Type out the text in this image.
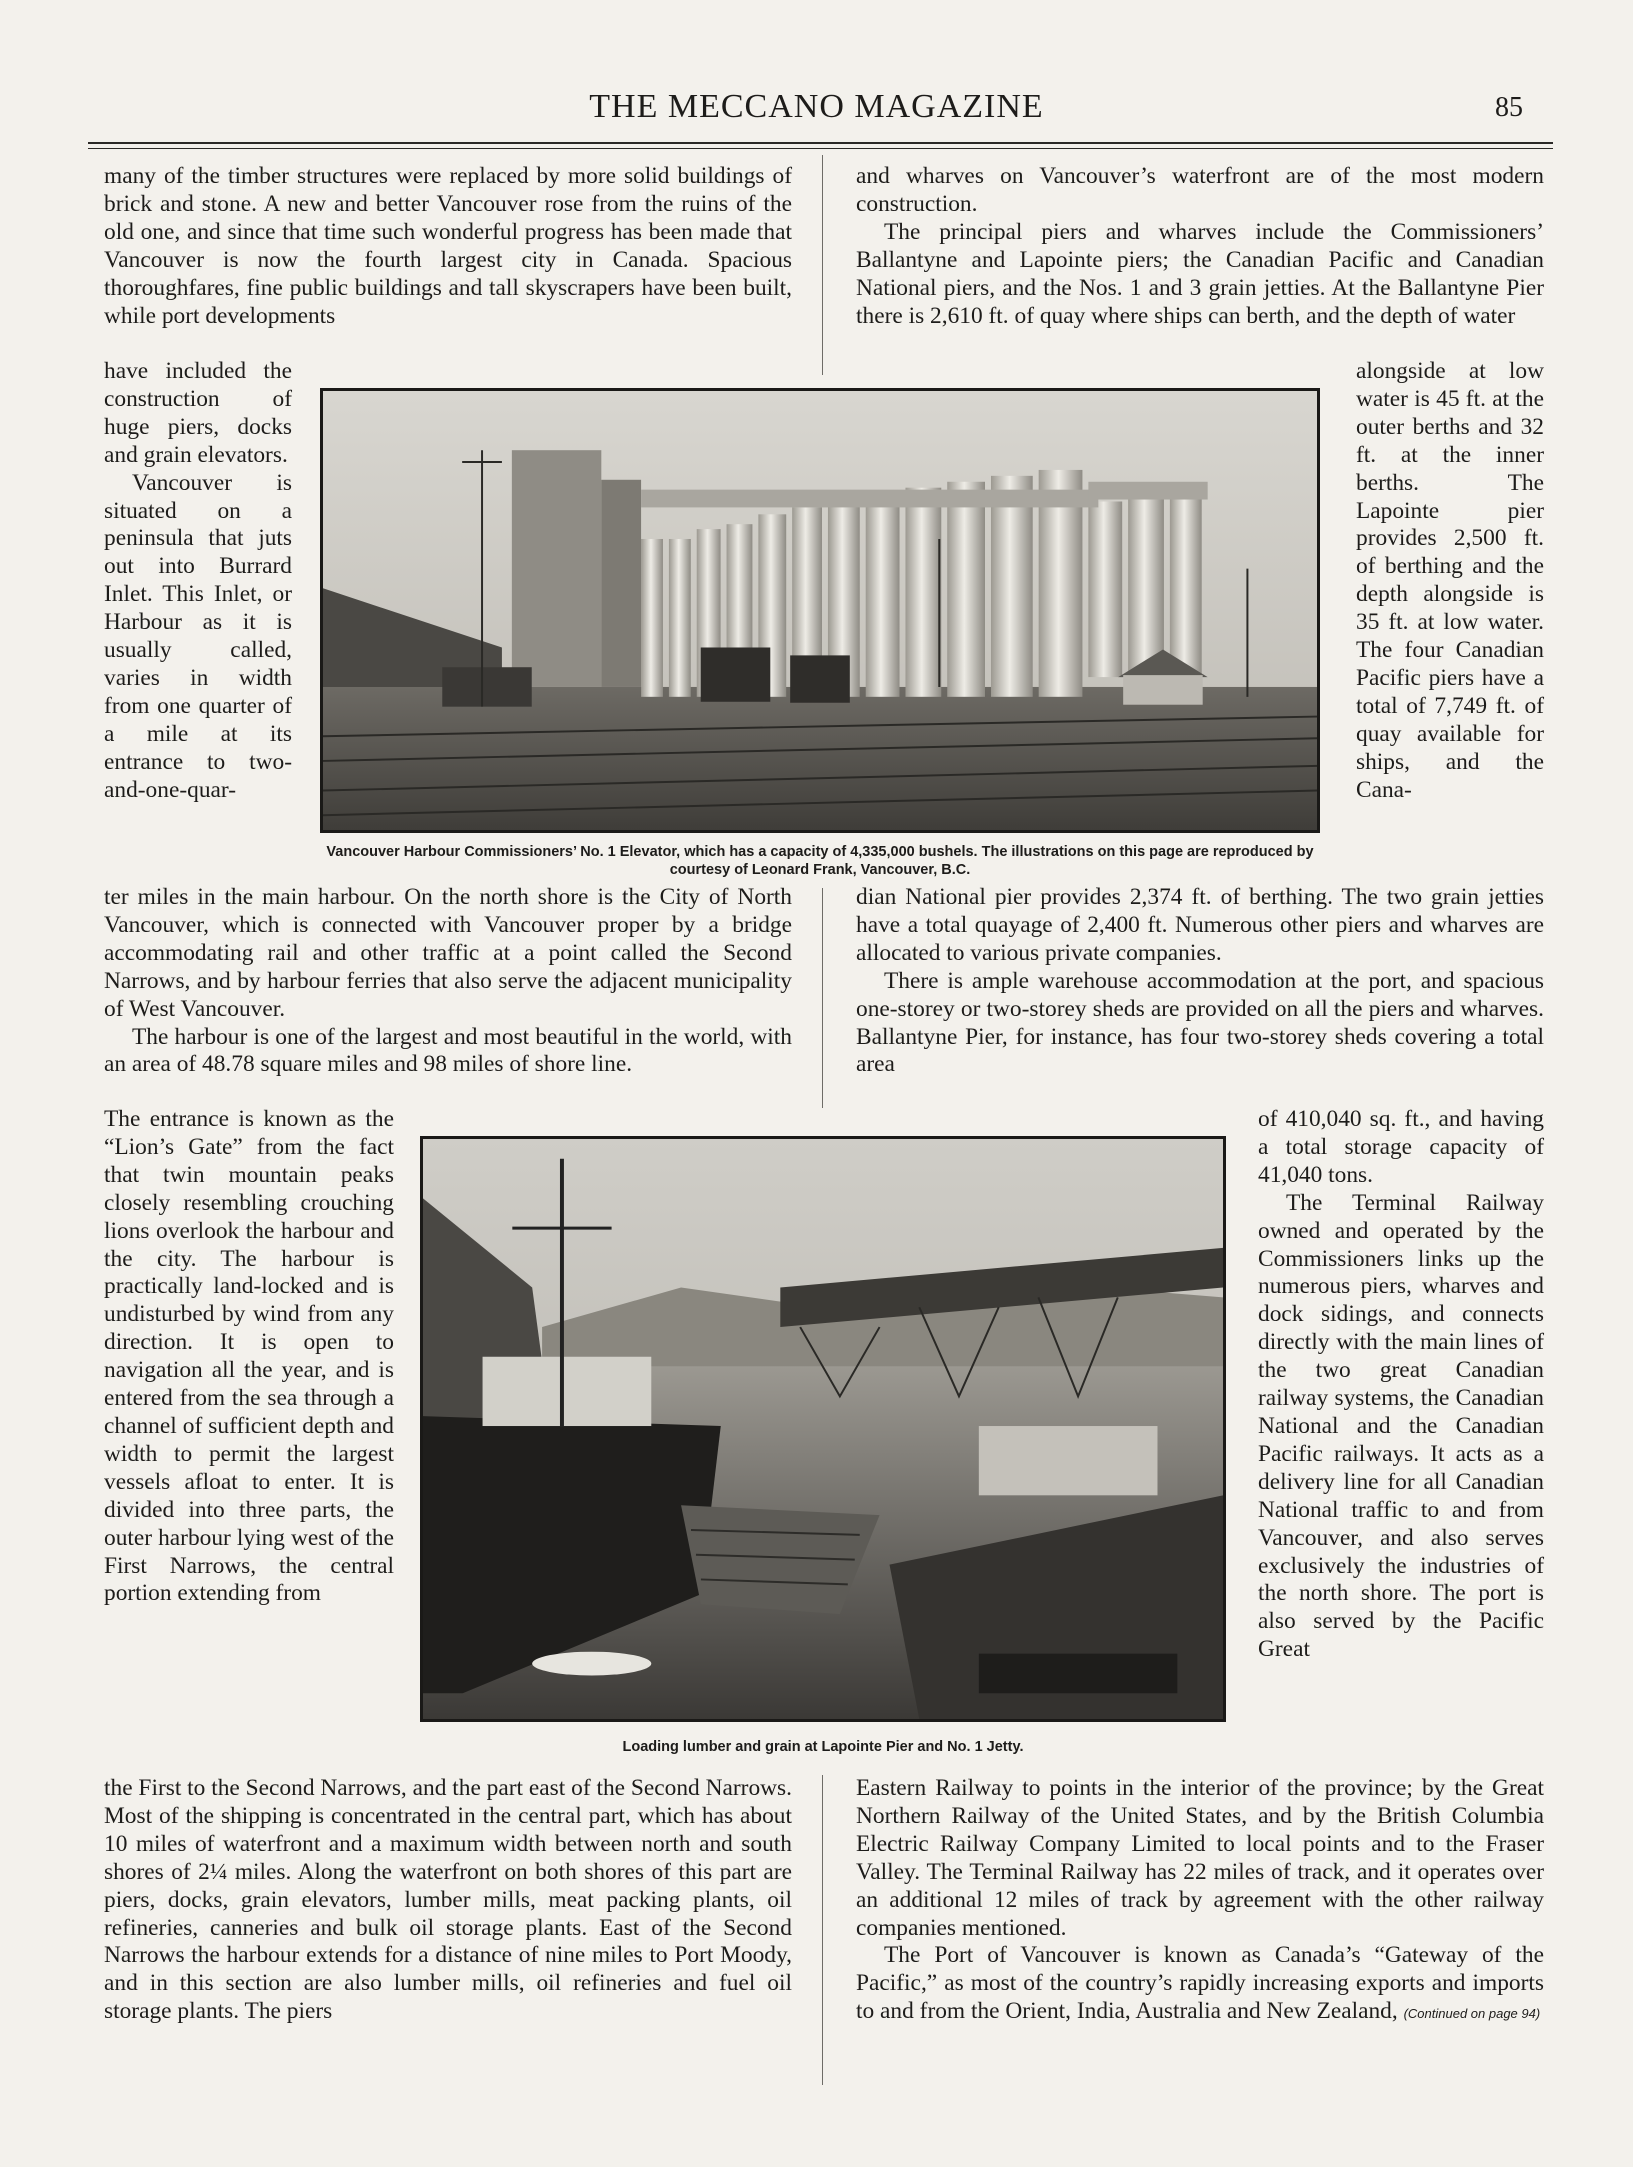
THE MECCANO MAGAZINE	85

many of the timber structures were replaced by more solid buildings of brick and stone. A new and better Vancouver rose from the ruins of the old one, and since that time such wonderful progress has been made that Vancouver is now the fourth largest city in Canada. Spacious thoroughfares, fine public buildings and tall skyscrapers have been built, while port developments

have included the construction of huge piers, docks and grain elevators.

Vancouver is situated on a peninsula that juts out into Burrard Inlet. This Inlet, or Harbour as it is usually called, varies in width from one quarter of a mile at its entrance to two-and-one-quar-

ter miles in the main harbour. On the north shore is the City of North Vancouver, which is connected with Vancouver proper by a bridge accommodating rail and other traffic at a point called the Second Narrows, and by harbour ferries that also serve the adjacent municipality of West Vancouver.

The harbour is one of the largest and most beautiful in the world, with an area of 48.78 square miles and 98 miles of shore line.

The entrance is known as the “Lion’s Gate” from the fact that twin mountain peaks closely resembling crouching lions overlook the harbour and the city. The harbour is practically land-locked and is undisturbed by wind from any direction. It is open to navigation all the year, and is entered from the sea through a channel of sufficient depth and width to permit the largest vessels afloat to enter. It is divided into three parts, the outer harbour lying west of the First Narrows, the central portion extending from

the First to the Second Narrows, and the part east of the Second Narrows. Most of the shipping is concentrated in the central part, which has about 10 miles of waterfront and a maximum width between north and south shores of 2¼ miles. Along the waterfront on both shores of this part are piers, docks, grain elevators, lumber mills, meat packing plants, oil refineries, canneries and bulk oil storage plants. East of the Second Narrows the harbour extends for a distance of nine miles to Port Moody, and in this section are also lumber mills, oil refineries and fuel oil storage plants. The piers

and wharves on Vancouver’s waterfront are of the most modern construction.

The principal piers and wharves include the Commissioners’ Ballantyne and Lapointe piers; the Canadian Pacific and Canadian National piers, and the Nos. 1 and 3 grain jetties. At the Ballantyne Pier there is 2,610 ft. of quay where ships can berth, and the depth of water

alongside at low water is 45 ft. at the outer berths and 32 ft. at the inner berths. The Lapointe pier provides 2,500 ft. of berthing and the depth alongside is 35 ft. at low water. The four Canadian Pacific piers have a total of 7,749 ft. of quay available for ships, and the Cana-

dian National pier provides 2,374 ft. of berthing. The two grain jetties have a total quayage of 2,400 ft. Numerous other piers and wharves are allocated to various private companies.

There is ample warehouse accommodation at the port, and spacious one-storey or two-storey sheds are provided on all the piers and wharves. Ballantyne Pier, for instance, has four two-storey sheds covering a total area

of 410,040 sq. ft., and having a total storage capacity of 41,040 tons.

The Terminal Railway owned and operated by the Commissioners links up the numerous piers, wharves and dock sidings, and connects directly with the main lines of the two great Canadian railway systems, the Canadian National and the Canadian Pacific railways. It acts as a delivery line for all Canadian National traffic to and from Vancouver, and also serves exclusively the industries of the north shore. The port is also served by the Pacific Great

Eastern Railway to points in the interior of the province; by the Great Northern Railway of the United States, and by the British Columbia Electric Railway Company Limited to local points and to the Fraser Valley. The Terminal Railway has 22 miles of track, and it operates over an additional 12 miles of track by agreement with the other railway companies mentioned.

The Port of Vancouver is known as Canada’s “Gateway of the Pacific,” as most of the country’s rapidly increasing exports and imports to and from the Orient, India, Australia and New Zealand, (Continued on page 94)

Vancouver Harbour Commissioners’ No. 1 Elevator, which has a capacity of 4,335,000 bushels. The illustrations on this page are reproduced by courtesy of Leonard Frank, Vancouver, B.C.
Loading lumber and grain at Lapointe Pier and No. 1 Jetty.
